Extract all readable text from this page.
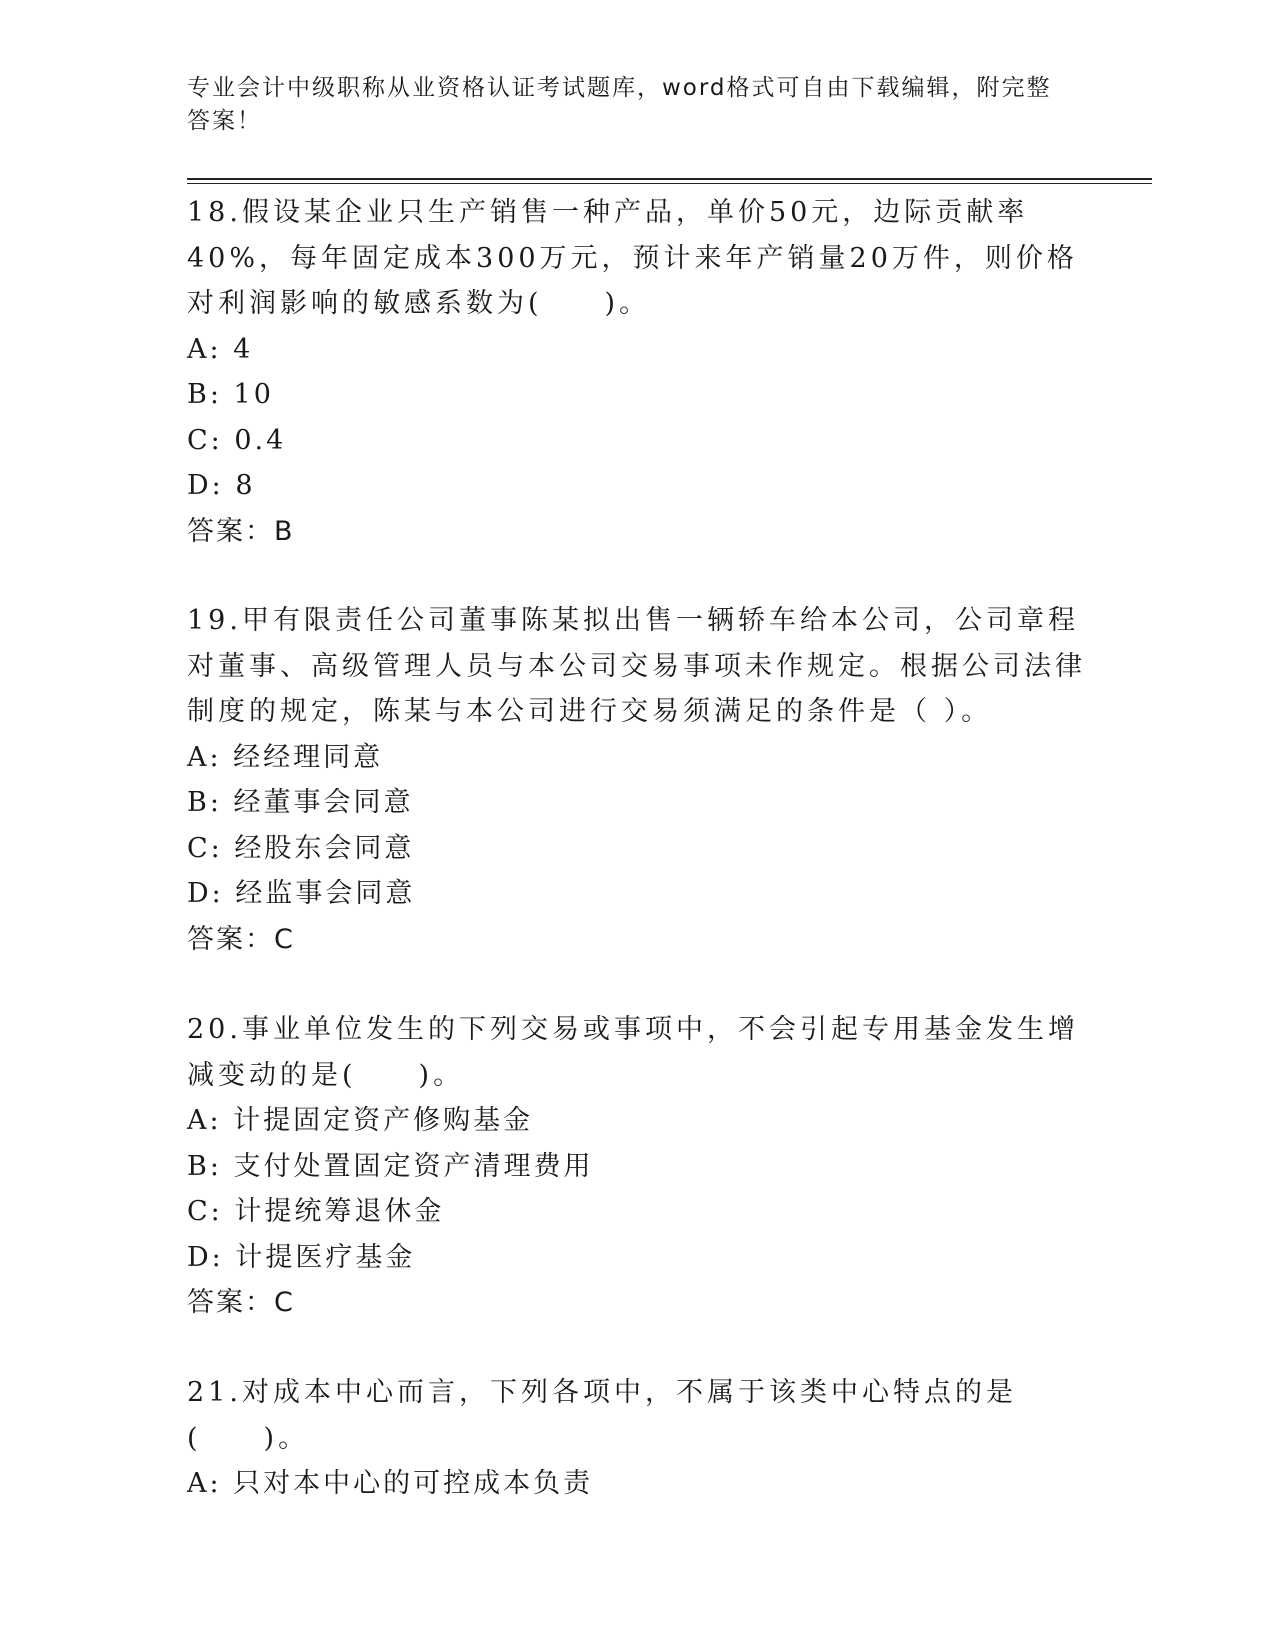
专业会计中级职称从业资格认证考试题库，word格式可自由下载编辑，附完整答案！

18.假设某企业只生产销售一种产品，单价50元，边际贡献率40%，每年固定成本300万元，预计来年产销量20万件，则价格对利润影响的敏感系数为(　　)。

A: 4

B: 10

C: 0.4

D: 8

答案：B

19.甲有限责任公司董事陈某拟出售一辆轿车给本公司，公司章程对董事、高级管理人员与本公司交易事项未作规定。根据公司法律制度的规定，陈某与本公司进行交易须满足的条件是（ ）。

A: 经经理同意

B: 经董事会同意

C: 经股东会同意

D: 经监事会同意

答案：C

20.事业单位发生的下列交易或事项中，不会引起专用基金发生增减变动的是(　　)。

A: 计提固定资产修购基金

B: 支付处置固定资产清理费用

C: 计提统筹退休金

D: 计提医疗基金

答案：C

21.对成本中心而言，下列各项中，不属于该类中心特点的是(　　)。

A: 只对本中心的可控成本负责
